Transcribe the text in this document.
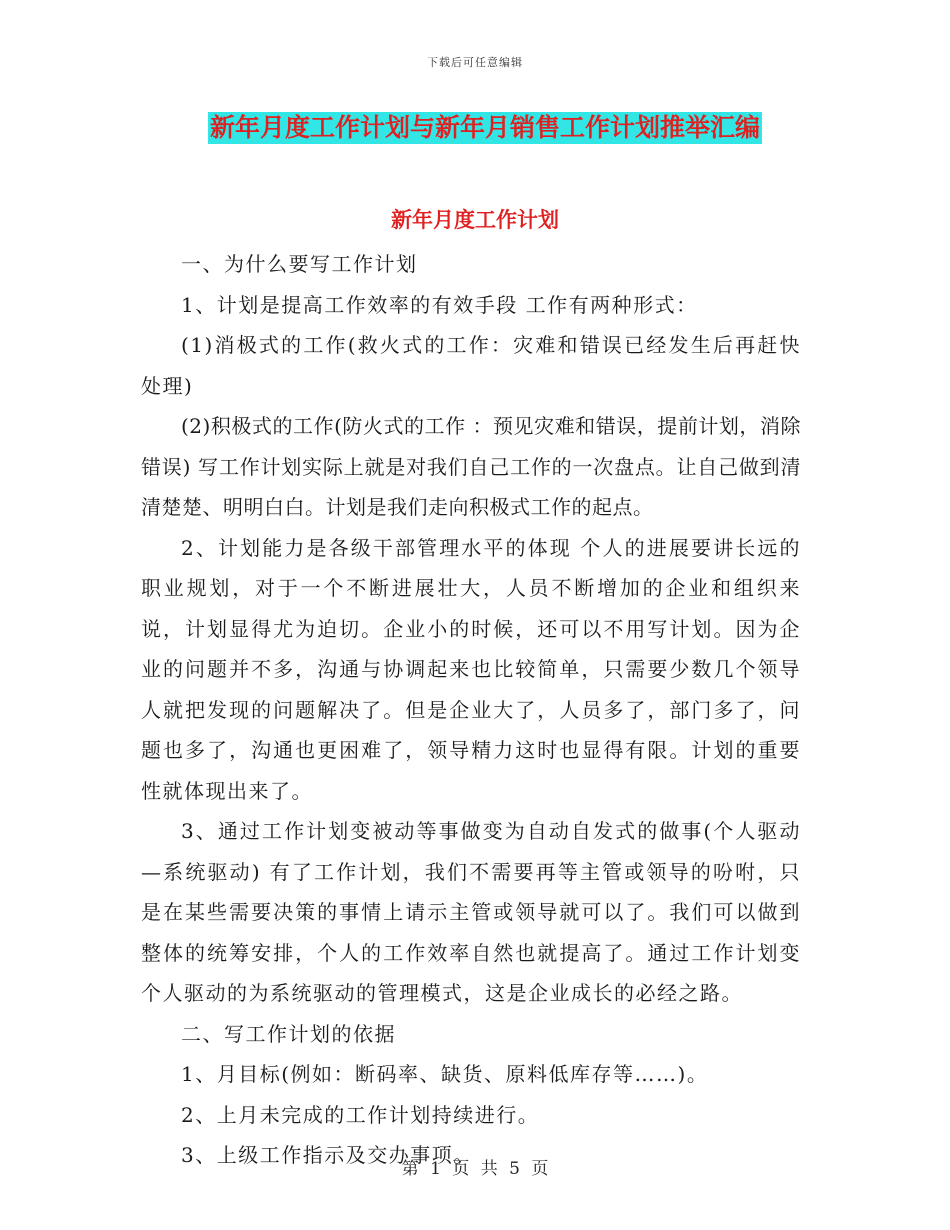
下载后可任意编辑
新年月度工作计划与新年月销售工作计划推举汇编
新年月度工作计划

一、为什么要写工作计划

1、计划是提高工作效率的有效手段 工作有两种形式：

(1)消极式的工作(救火式的工作：灾难和错误已经发生后再赶快处理)

(2)积极式的工作(防火式的工作 ：预见灾难和错误，提前计划，消除错误) 写工作计划实际上就是对我们自己工作的一次盘点。让自己做到清清楚楚、明明白白。计划是我们走向积极式工作的起点。

2、计划能力是各级干部管理水平的体现 个人的进展要讲长远的职业规划，对于一个不断进展壮大，人员不断增加的企业和组织来说，计划显得尤为迫切。企业小的时候，还可以不用写计划。因为企业的问题并不多，沟通与协调起来也比较简单，只需要少数几个领导人就把发现的问题解决了。但是企业大了，人员多了，部门多了，问题也多了，沟通也更困难了，领导精力这时也显得有限。计划的重要性就体现出来了。

3、通过工作计划变被动等事做变为自动自发式的做事(个人驱动—系统驱动) 有了工作计划，我们不需要再等主管或领导的吩咐，只是在某些需要决策的事情上请示主管或领导就可以了。我们可以做到整体的统筹安排，个人的工作效率自然也就提高了。通过工作计划变个人驱动的为系统驱动的管理模式，这是企业成长的必经之路。

二、写工作计划的依据

1、月目标(例如：断码率、缺货、原料低库存等……)。

2、上月未完成的工作计划持续进行。

3、上级工作指示及交办事项。

第 1 页 共 5 页
